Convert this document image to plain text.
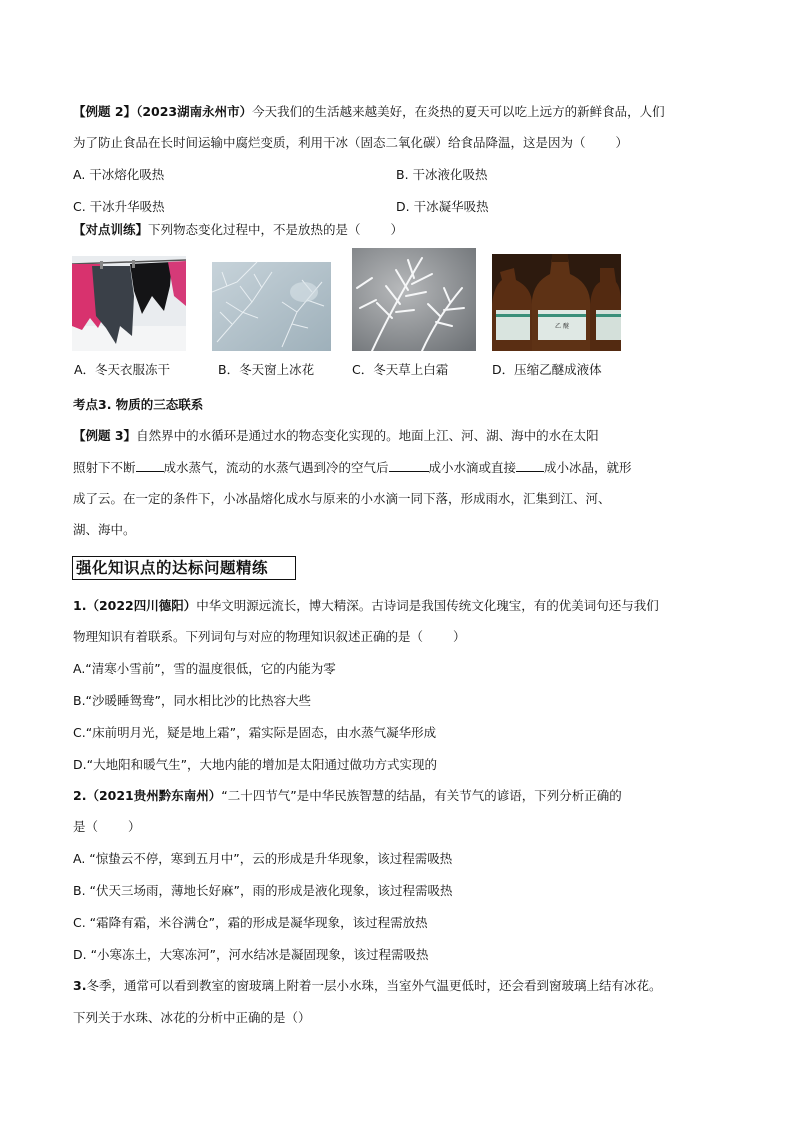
【例题 2】（2023湖南永州市）今天我们的生活越来越美好，在炎热的夏天可以吃上远方的新鲜食品，人们
为了防止食品在长时间运输中腐烂变质，利用干冰（固态二氧化碳）给食品降温，这是因为（ ）
A. 干冰熔化吸热	B. 干冰液化吸热
C. 干冰升华吸热	D. 干冰凝华吸热
【对点训练】下列物态变化过程中，不是放热的是（ ）
乙 醚
A．冬天衣服冻干	B．冬天窗上冰花	C．冬天草上白霜	D．压缩乙醚成液体
考点3. 物质的三态联系
【例题 3】自然界中的水循环是通过水的物态变化实现的。地面上江、河、湖、海中的水在太阳
照射下不断 成水蒸气，流动的水蒸气遇到冷的空气后	成小水滴或直接 成小冰晶，就形
成了云。在一定的条件下，小冰晶熔化成水与原来的小水滴一同下落，形成雨水，汇集到江、河、
湖、海中。
强化知识点的达标问题精练
1.（2022四川德阳）中华文明源远流长，博大精深。古诗词是我国传统文化瑰宝，有的优美词句还与我们
物理知识有着联系。下列词句与对应的物理知识叙述正确的是（ ）
A.“清寒小雪前”，雪的温度很低，它的内能为零
B.“沙暖睡鸳鸯”，同水相比沙的比热容大些
C.“床前明月光，疑是地上霜”，霜实际是固态，由水蒸气凝华形成
D.“大地阳和暖气生”，大地内能的增加是太阳通过做功方式实现的
2.（2021贵州黔东南州）“二十四节气”是中华民族智慧的结晶，有关节气的谚语，下列分析正确的
是（ ）
A. “惊蛰云不停，寒到五月中”，云的形成是升华现象，该过程需吸热
B. “伏天三场雨，薄地长好麻”，雨的形成是液化现象，该过程需吸热
C. “霜降有霜，米谷满仓”，霜的形成是凝华现象，该过程需放热
D. “小寒冻土，大寒冻河”，河水结冰是凝固现象，该过程需吸热
3.冬季，通常可以看到教室的窗玻璃上附着一层小水珠，当室外气温更低时，还会看到窗玻璃上结有冰花。
下列关于水珠、冰花的分析中正确的是（）
